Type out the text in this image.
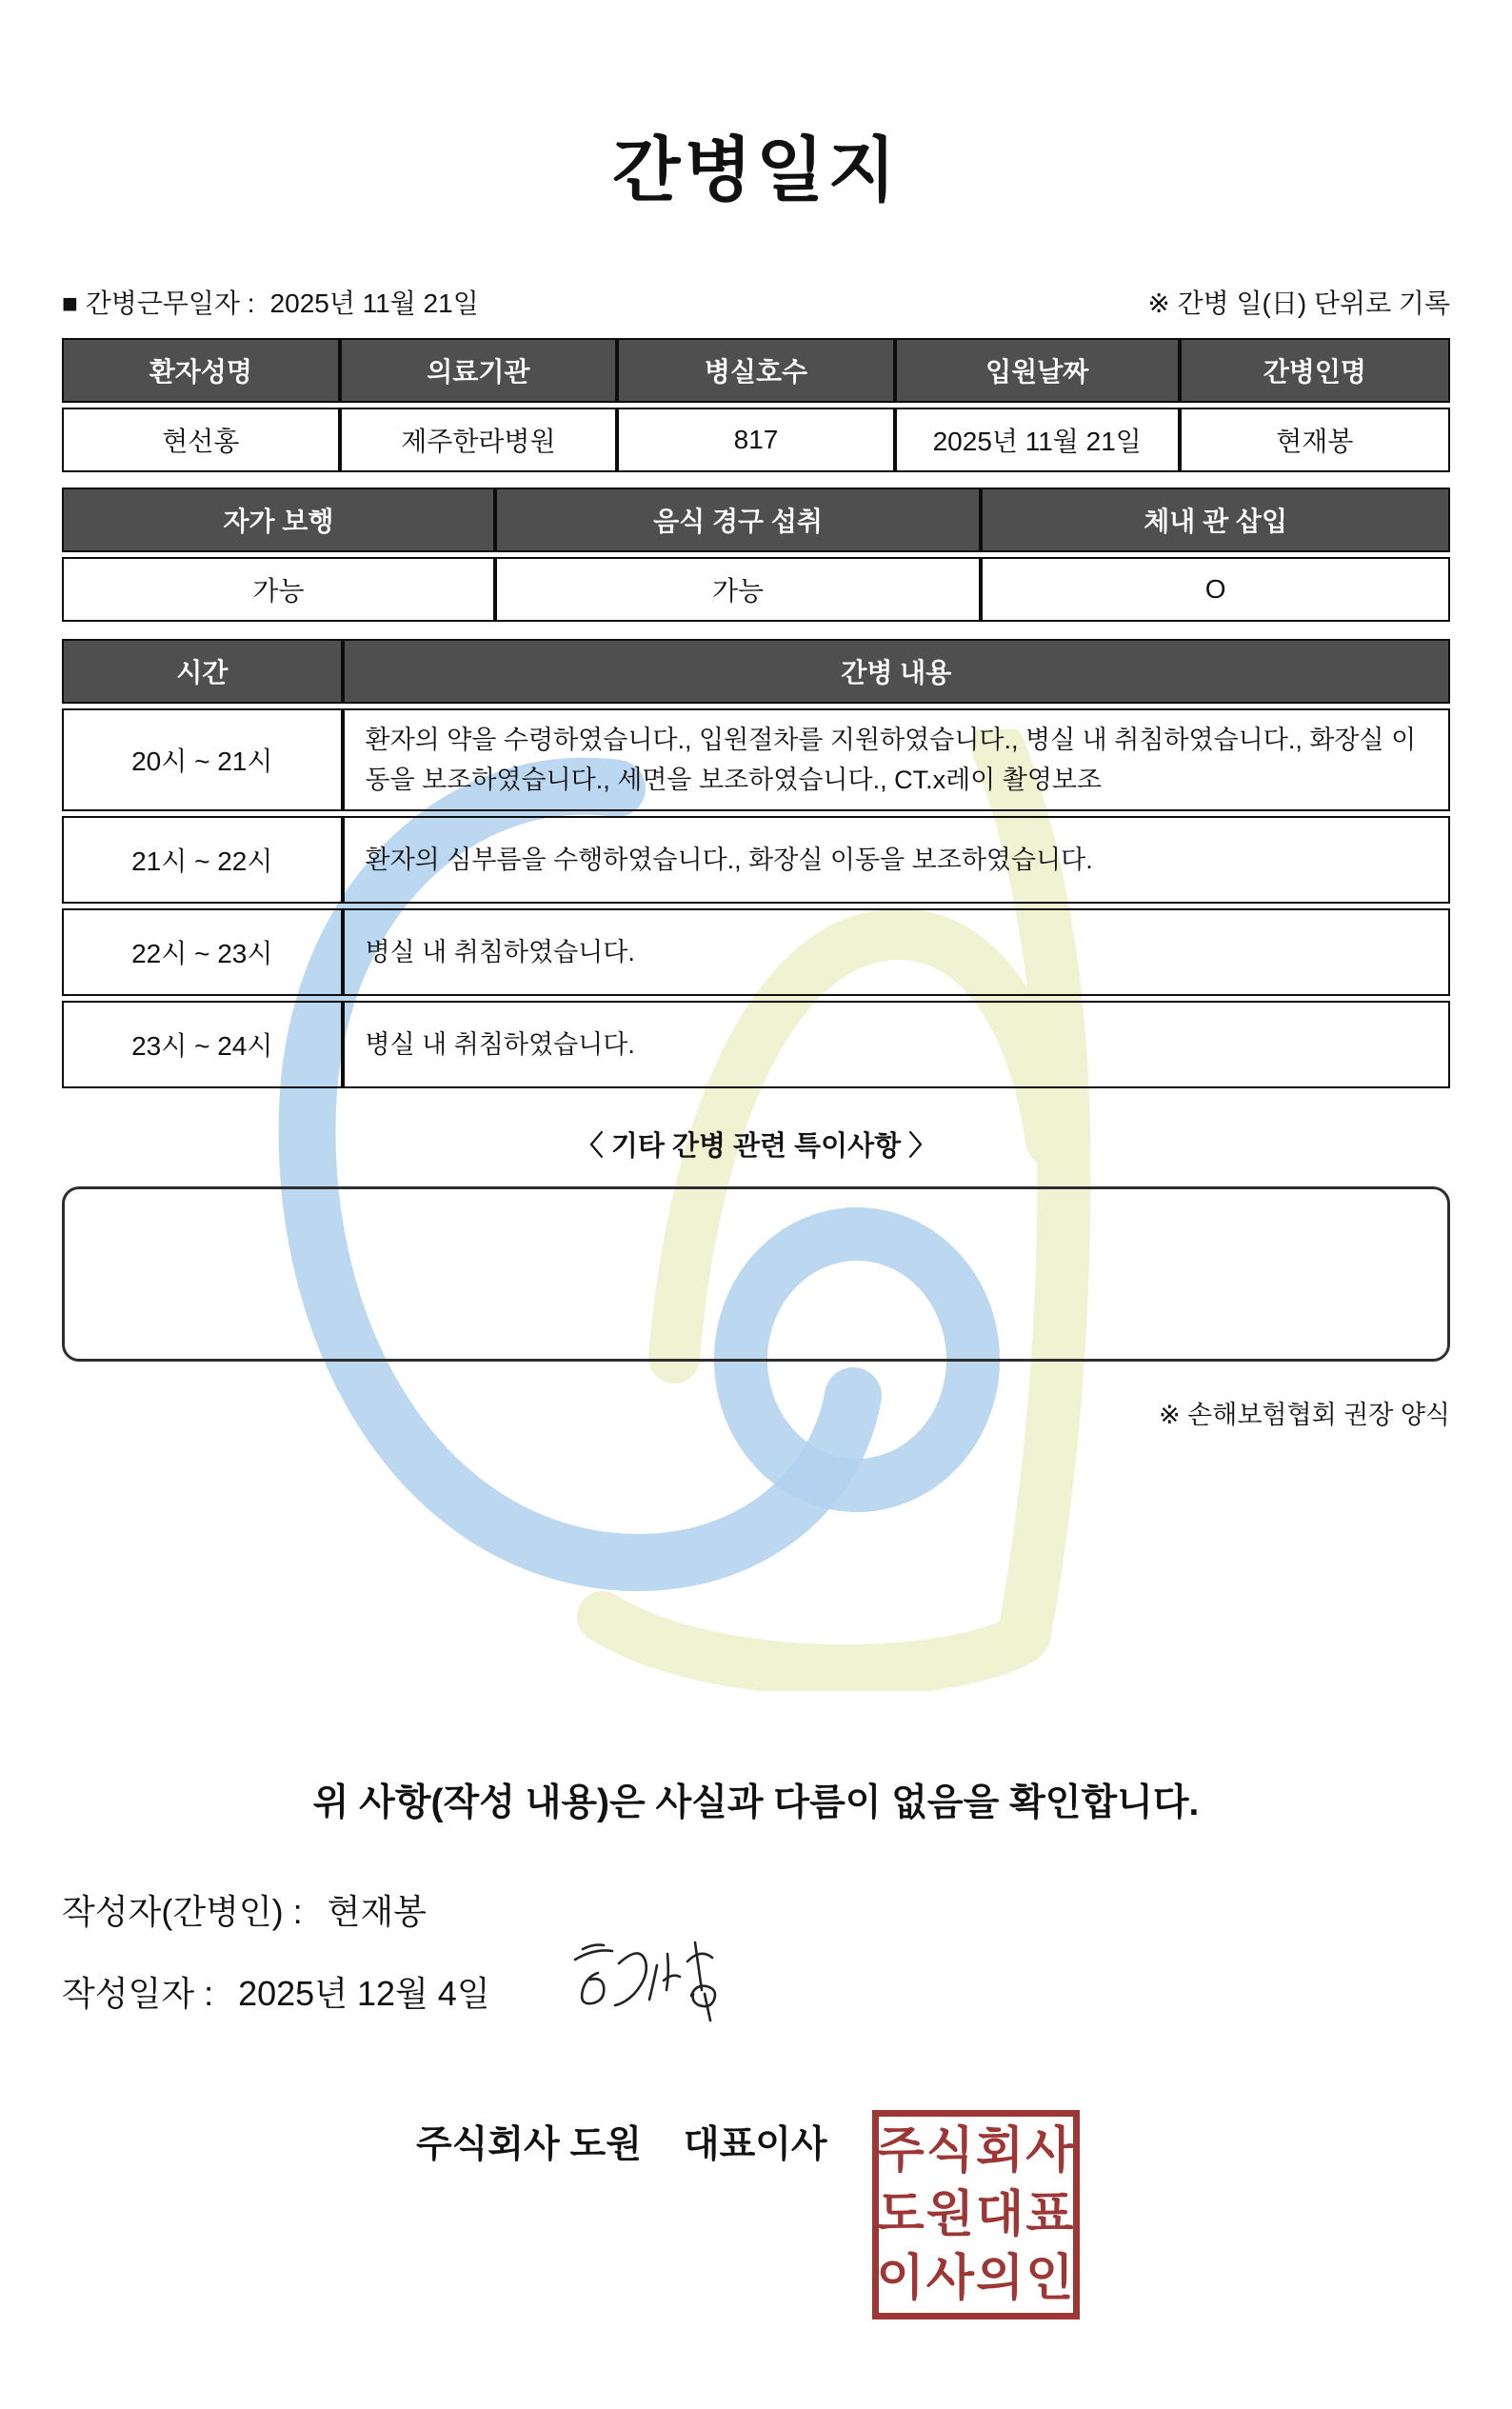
간병일지
■ 간병근무일자 : 2025년 11월 21일	※ 간병 일(日) 단위로 기록
환자성명	의료기관	병실호수	입원날짜	간병인명
현선홍	제주한라병원	817	2025년 11월 21일	현재봉
자가 보행	음식 경구 섭취	체내 관 삽입
가능	가능	O
시간	간병 내용
20시 ~ 21시	환자의 약을 수령하였습니다., 입원절차를 지원하였습니다., 병실 내 취침하였습니다., 화장실 이동을 보조하였습니다., 세면을 보조하였습니다., CT.x레이 촬영보조
21시 ~ 22시	환자의 심부름을 수행하였습니다., 화장실 이동을 보조하였습니다.
22시 ~ 23시	병실 내 취침하였습니다.
23시 ~ 24시	병실 내 취침하였습니다.
〈 기타 간병 관련 특이사항 〉
※ 손해보험협회 권장 양식
위 사항(작성 내용)은 사실과 다름이 없음을 확인합니다.
작성자(간병인) : 현재봉
작성일자 : 2025년 12월 4일
주식회사 도원 대표이사 주식회사
도원대표
이사의인
